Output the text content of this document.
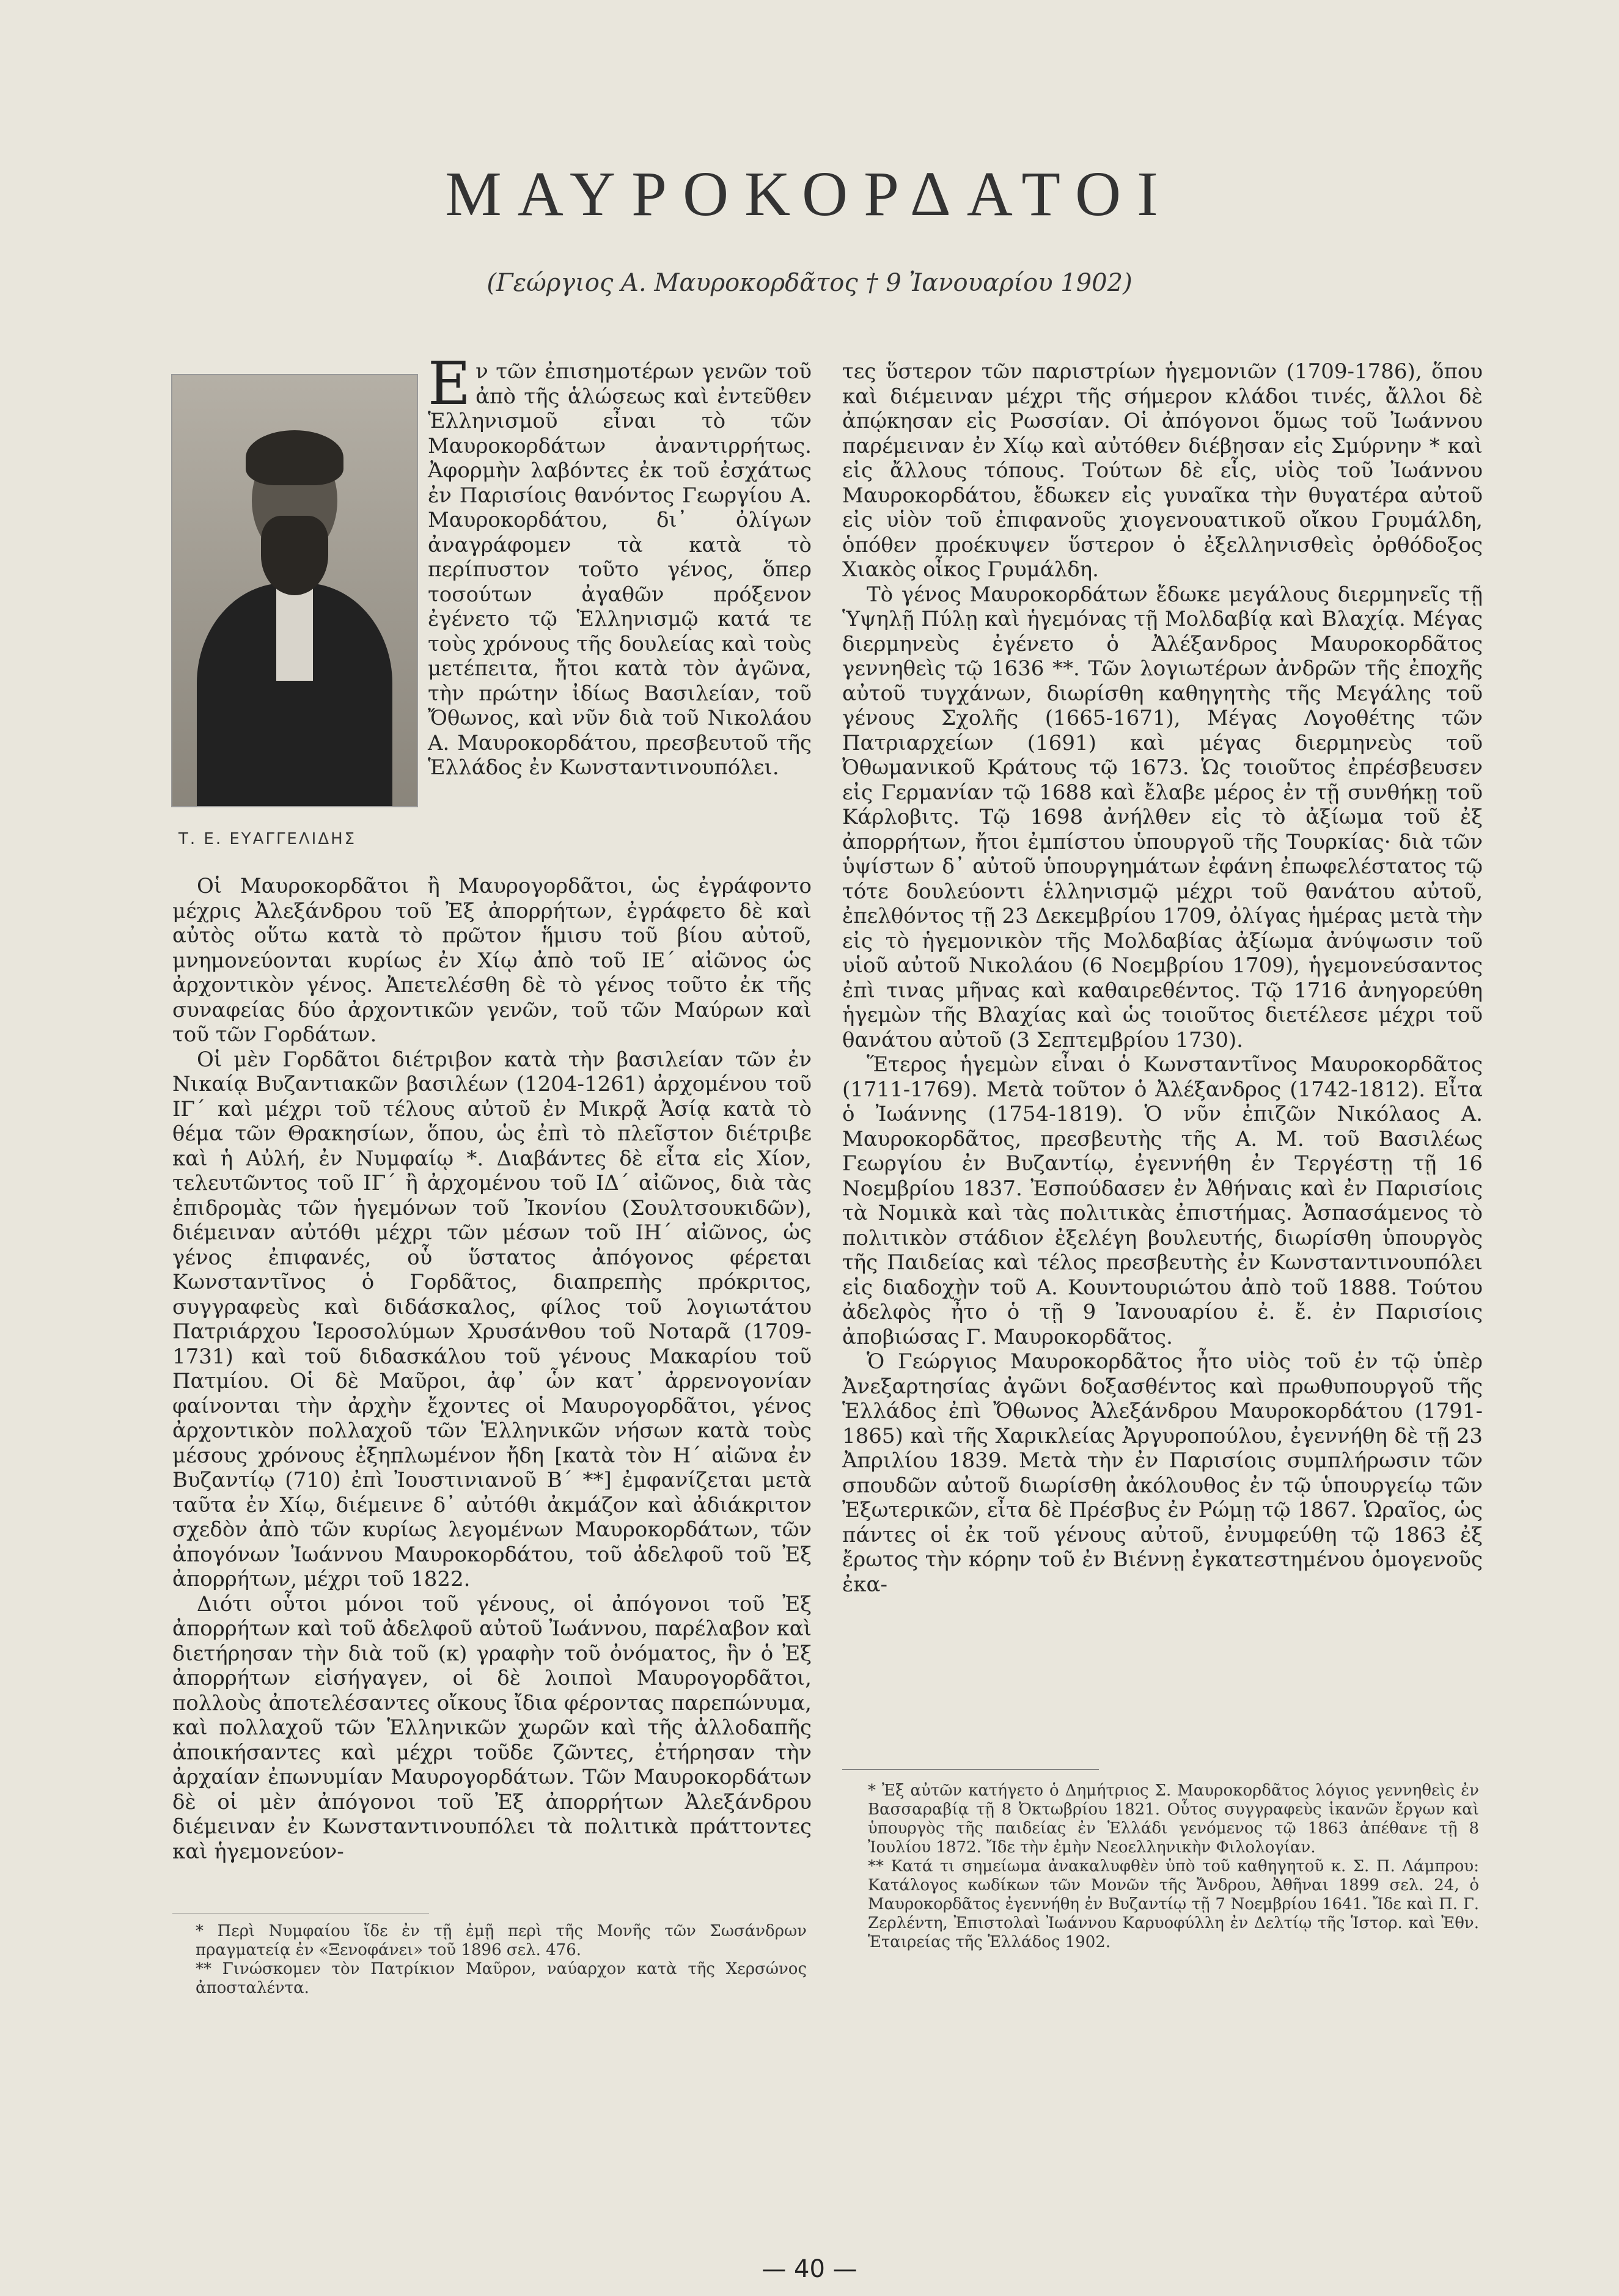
ΜΑΥΡΟΚΟΡΔΑΤΟΙ
(Γεώργιος Α. Μαυροκορδᾶτος † 9 Ἰανουαρίου 1902)
Τ. Ε. ΕΥΑΓΓΕΛΙΔΗΣ

Εν τῶν ἐπισημοτέρων γενῶν τοῦ ἀπὸ τῆς ἁλώσεως καὶ ἐντεῦθεν Ἑλληνισμοῦ εἶναι τὸ τῶν Μαυροκορδάτων ἀναντιρρήτως. Ἀφορμὴν λαβόντες ἐκ τοῦ ἐσχάτως ἐν Παρισίοις θανόντος Γεωργίου Α. Μαυροκορδάτου, δι᾽ ὀλίγων ἀναγράφομεν τὰ κατὰ τὸ περίπυστον τοῦτο γένος, ὅπερ τοσούτων ἀγαθῶν πρόξενον ἐγένετο τῷ Ἑλληνισμῷ κατά τε τοὺς χρόνους τῆς δουλείας καὶ τοὺς μετέπειτα, ἤτοι κατὰ τὸν ἀγῶνα, τὴν πρώτην ἰδίως Βασιλείαν, τοῦ Ὄθωνος, καὶ νῦν διὰ τοῦ Νικολάου Α. Μαυροκορδάτου, πρεσβευτοῦ τῆς Ἑλλάδος ἐν Κωνσταντινουπόλει.

Οἱ Μαυροκορδᾶτοι ἢ Μαυρογορδᾶτοι, ὡς ἐγράφοντο μέχρις Ἀλεξάνδρου τοῦ Ἐξ ἀπορρήτων, ἐγράφετο δὲ καὶ αὐτὸς οὕτω κατὰ τὸ πρῶτον ἥμισυ τοῦ βίου αὐτοῦ, μνημονεύονται κυρίως ἐν Χίῳ ἀπὸ τοῦ ΙΕ´ αἰῶνος ὡς ἀρχοντικὸν γένος. Ἀπετελέσθη δὲ τὸ γένος τοῦτο ἐκ τῆς συναφείας δύο ἀρχοντικῶν γενῶν, τοῦ τῶν Μαύρων καὶ τοῦ τῶν Γορδάτων.

Οἱ μὲν Γορδᾶτοι διέτριβον κατὰ τὴν βασιλείαν τῶν ἐν Νικαίᾳ Βυζαντιακῶν βασιλέων (1204-1261) ἀρχομένου τοῦ ΙΓ´ καὶ μέχρι τοῦ τέλους αὐτοῦ ἐν Μικρᾷ Ἀσίᾳ κατὰ τὸ θέμα τῶν Θρακησίων, ὅπου, ὡς ἐπὶ τὸ πλεῖστον διέτριβε καὶ ἡ Αὐλή, ἐν Νυμφαίῳ *. Διαβάντες δὲ εἶτα εἰς Χίον, τελευτῶντος τοῦ ΙΓ´ ἢ ἀρχομένου τοῦ ΙΔ´ αἰῶνος, διὰ τὰς ἐπιδρομὰς τῶν ἡγεμόνων τοῦ Ἰκονίου (Σουλτσουκιδῶν), διέμειναν αὐτόθι μέχρι τῶν μέσων τοῦ ΙΗ´ αἰῶνος, ὡς γένος ἐπιφανές, οὗ ὕστατος ἀπόγονος φέρεται Κωνσταντῖνος ὁ Γορδᾶτος, διαπρεπὴς πρόκριτος, συγγραφεὺς καὶ διδάσκαλος, φίλος τοῦ λογιωτάτου Πατριάρχου Ἱεροσολύμων Χρυσάνθου τοῦ Νοταρᾶ (1709-1731) καὶ τοῦ διδασκάλου τοῦ γένους Μακαρίου τοῦ Πατμίου. Οἱ δὲ Μαῦροι, ἀφ᾽ ὧν κατ᾽ ἀρρενογονίαν φαίνονται τὴν ἀρχὴν ἔχοντες οἱ Μαυρογορδᾶτοι, γένος ἀρχοντικὸν πολλαχοῦ τῶν Ἑλληνικῶν νήσων κατὰ τοὺς μέσους χρόνους ἐξηπλωμένον ἤδη [κατὰ τὸν Η´ αἰῶνα ἐν Βυζαντίῳ (710) ἐπὶ Ἰουστινιανοῦ Β´ **] ἐμφανίζεται μετὰ ταῦτα ἐν Χίῳ, διέμεινε δ᾽ αὐτόθι ἀκμάζον καὶ ἀδιάκριτον σχεδὸν ἀπὸ τῶν κυρίως λεγομένων Μαυροκορδάτων, τῶν ἀπογόνων Ἰωάννου Μαυροκορδάτου, τοῦ ἀδελφοῦ τοῦ Ἐξ ἀπορρήτων, μέχρι τοῦ 1822.

Διότι οὗτοι μόνοι τοῦ γένους, οἱ ἀπόγονοι τοῦ Ἐξ ἀπορρήτων καὶ τοῦ ἀδελφοῦ αὐτοῦ Ἰωάννου, παρέλαβον καὶ διετήρησαν τὴν διὰ τοῦ (κ) γραφὴν τοῦ ὀνόματος, ἣν ὁ Ἐξ ἀπορρήτων εἰσήγαγεν, οἱ δὲ λοιποὶ Μαυρογορδᾶτοι, πολλοὺς ἀποτελέσαντες οἴκους ἴδια φέροντας παρεπώνυμα, καὶ πολλαχοῦ τῶν Ἑλληνικῶν χωρῶν καὶ τῆς ἀλλοδαπῆς ἀποικήσαντες καὶ μέχρι τοῦδε ζῶντες, ἐτήρησαν τὴν ἀρχαίαν ἐπωνυμίαν Μαυρογορδάτων. Τῶν Μαυροκορδάτων δὲ οἱ μὲν ἀπόγονοι τοῦ Ἐξ ἀπορρήτων Ἀλεξάνδρου διέμειναν ἐν Κωνσταντινουπόλει τὰ πολιτικὰ πράττοντες καὶ ἡγεμονεύον-

* Περὶ Νυμφαίου ἴδε ἐν τῇ ἐμῇ περὶ τῆς Μονῆς τῶν Σωσάνδρων πραγματείᾳ ἐν «Ξενοφάνει» τοῦ 1896 σελ. 476.
** Γινώσκομεν τὸν Πατρίκιον Μαῦρον, ναύαρχον κατὰ τῆς Χερσώνος ἀποσταλέντα.

τες ὕστερον τῶν παριστρίων ἡγεμονιῶν (1709-1786), ὅπου καὶ διέμειναν μέχρι τῆς σήμερον κλάδοι τινές, ἄλλοι δὲ ἀπῴκησαν εἰς Ρωσσίαν. Οἱ ἀπόγονοι ὅμως τοῦ Ἰωάννου παρέμειναν ἐν Χίῳ καὶ αὐτόθεν διέβησαν εἰς Σμύρνην * καὶ εἰς ἄλλους τόπους. Τούτων δὲ εἷς, υἱὸς τοῦ Ἰωάννου Μαυροκορδάτου, ἔδωκεν εἰς γυναῖκα τὴν θυγατέρα αὐτοῦ εἰς υἱὸν τοῦ ἐπιφανοῦς χιογενουατικοῦ οἴκου Γρυμάλδη, ὁπόθεν προέκυψεν ὕστερον ὁ ἐξελληνισθεὶς ὀρθόδοξος Χιακὸς οἶκος Γρυμάλδη.

Τὸ γένος Μαυροκορδάτων ἔδωκε μεγάλους διερμηνεῖς τῇ Ὑψηλῇ Πύλῃ καὶ ἡγεμόνας τῇ Μολδαβίᾳ καὶ Βλαχίᾳ. Μέγας διερμηνεὺς ἐγένετο ὁ Ἀλέξανδρος Μαυροκορδᾶτος γεννηθεὶς τῷ 1636 **. Τῶν λογιωτέρων ἀνδρῶν τῆς ἐποχῆς αὐτοῦ τυγχάνων, διωρίσθη καθηγητὴς τῆς Μεγάλης τοῦ γένους Σχολῆς (1665-1671), Μέγας Λογοθέτης τῶν Πατριαρχείων (1691) καὶ μέγας διερμηνεὺς τοῦ Ὀθωμανικοῦ Κράτους τῷ 1673. Ὡς τοιοῦτος ἐπρέσβευσεν εἰς Γερμανίαν τῷ 1688 καὶ ἔλαβε μέρος ἐν τῇ συνθήκῃ τοῦ Κάρλοβιτς. Τῷ 1698 ἀνήλθεν εἰς τὸ ἀξίωμα τοῦ ἐξ ἀπορρήτων, ἤτοι ἐμπίστου ὑπουργοῦ τῆς Τουρκίας· διὰ τῶν ὑψίστων δ᾽ αὐτοῦ ὑπουργημάτων ἐφάνη ἐπωφελέστατος τῷ τότε δουλεύοντι ἑλληνισμῷ μέχρι τοῦ θανάτου αὐτοῦ, ἐπελθόντος τῇ 23 Δεκεμβρίου 1709, ὀλίγας ἡμέρας μετὰ τὴν εἰς τὸ ἡγεμονικὸν τῆς Μολδαβίας ἀξίωμα ἀνύψωσιν τοῦ υἱοῦ αὐτοῦ Νικολάου (6 Νοεμβρίου 1709), ἡγεμονεύσαντος ἐπὶ τινας μῆνας καὶ καθαιρεθέντος. Τῷ 1716 ἀνηγορεύθη ἡγεμὼν τῆς Βλαχίας καὶ ὡς τοιοῦτος διετέλεσε μέχρι τοῦ θανάτου αὐτοῦ (3 Σεπτεμβρίου 1730).

Ἕτερος ἡγεμὼν εἶναι ὁ Κωνσταντῖνος Μαυροκορδᾶτος (1711-1769). Μετὰ τοῦτον ὁ Ἀλέξανδρος (1742-1812). Εἶτα ὁ Ἰωάννης (1754-1819). Ὁ νῦν ἐπιζῶν Νικόλαος Α. Μαυροκορδᾶτος, πρεσβευτὴς τῆς Α. Μ. τοῦ Βασιλέως Γεωργίου ἐν Βυζαντίῳ, ἐγεννήθη ἐν Τεργέστῃ τῇ 16 Νοεμβρίου 1837. Ἐσπούδασεν ἐν Ἀθήναις καὶ ἐν Παρισίοις τὰ Νομικὰ καὶ τὰς πολιτικὰς ἐπιστήμας. Ἀσπασάμενος τὸ πολιτικὸν στάδιον ἐξελέγη βουλευτής, διωρίσθη ὑπουργὸς τῆς Παιδείας καὶ τέλος πρεσβευτὴς ἐν Κωνσταντινουπόλει εἰς διαδοχὴν τοῦ Α. Κουντουριώτου ἀπὸ τοῦ 1888. Τούτου ἀδελφὸς ἦτο ὁ τῇ 9 Ἰανουαρίου ἐ. ἔ. ἐν Παρισίοις ἀποβιώσας Γ. Μαυροκορδᾶτος.

Ὁ Γεώργιος Μαυροκορδᾶτος ἦτο υἱὸς τοῦ ἐν τῷ ὑπὲρ Ἀνεξαρτησίας ἀγῶνι δοξασθέντος καὶ πρωθυπουργοῦ τῆς Ἑλλάδος ἐπὶ Ὄθωνος Ἀλεξάνδρου Μαυροκορδάτου (1791-1865) καὶ τῆς Χαρικλείας Ἀργυροπούλου, ἐγεννήθη δὲ τῇ 23 Ἀπριλίου 1839. Μετὰ τὴν ἐν Παρισίοις συμπλήρωσιν τῶν σπουδῶν αὐτοῦ διωρίσθη ἀκόλουθος ἐν τῷ ὑπουργείῳ τῶν Ἐξωτερικῶν, εἶτα δὲ Πρέσβυς ἐν Ρώμῃ τῷ 1867. Ὡραῖος, ὡς πάντες οἱ ἐκ τοῦ γένους αὐτοῦ, ἐνυμφεύθη τῷ 1863 ἐξ ἔρωτος τὴν κόρην τοῦ ἐν Βιέννῃ ἐγκατεστημένου ὁμογενοῦς ἐκα-

* Ἐξ αὐτῶν κατήγετο ὁ Δημήτριος Σ. Μαυροκορδᾶτος λόγιος γεννηθεὶς ἐν Βασσαραβίᾳ τῇ 8 Ὀκτωβρίου 1821. Οὗτος συγγραφεὺς ἱκανῶν ἔργων καὶ ὑπουργὸς τῆς παιδείας ἐν Ἑλλάδι γενόμενος τῷ 1863 ἀπέθανε τῇ 8 Ἰουλίου 1872. Ἴδε τὴν ἐμὴν Νεοελληνικὴν Φιλολογίαν.
** Κατά τι σημείωμα ἀνακαλυφθὲν ὑπὸ τοῦ καθηγητοῦ κ. Σ. Π. Λάμπρου: Κατάλογος κωδίκων τῶν Μονῶν τῆς Ἄνδρου, Ἀθῆναι 1899 σελ. 24, ὁ Μαυροκορδᾶτος ἐγεννήθη ἐν Βυζαντίῳ τῇ 7 Νοεμβρίου 1641. Ἴδε καὶ Π. Γ. Ζερλέντη, Ἐπιστολαὶ Ἰωάννου Καρυοφύλλη ἐν Δελτίῳ τῆς Ἱστορ. καὶ Ἐθν. Ἑταιρείας τῆς Ἑλλάδος 1902.
— 40 —
